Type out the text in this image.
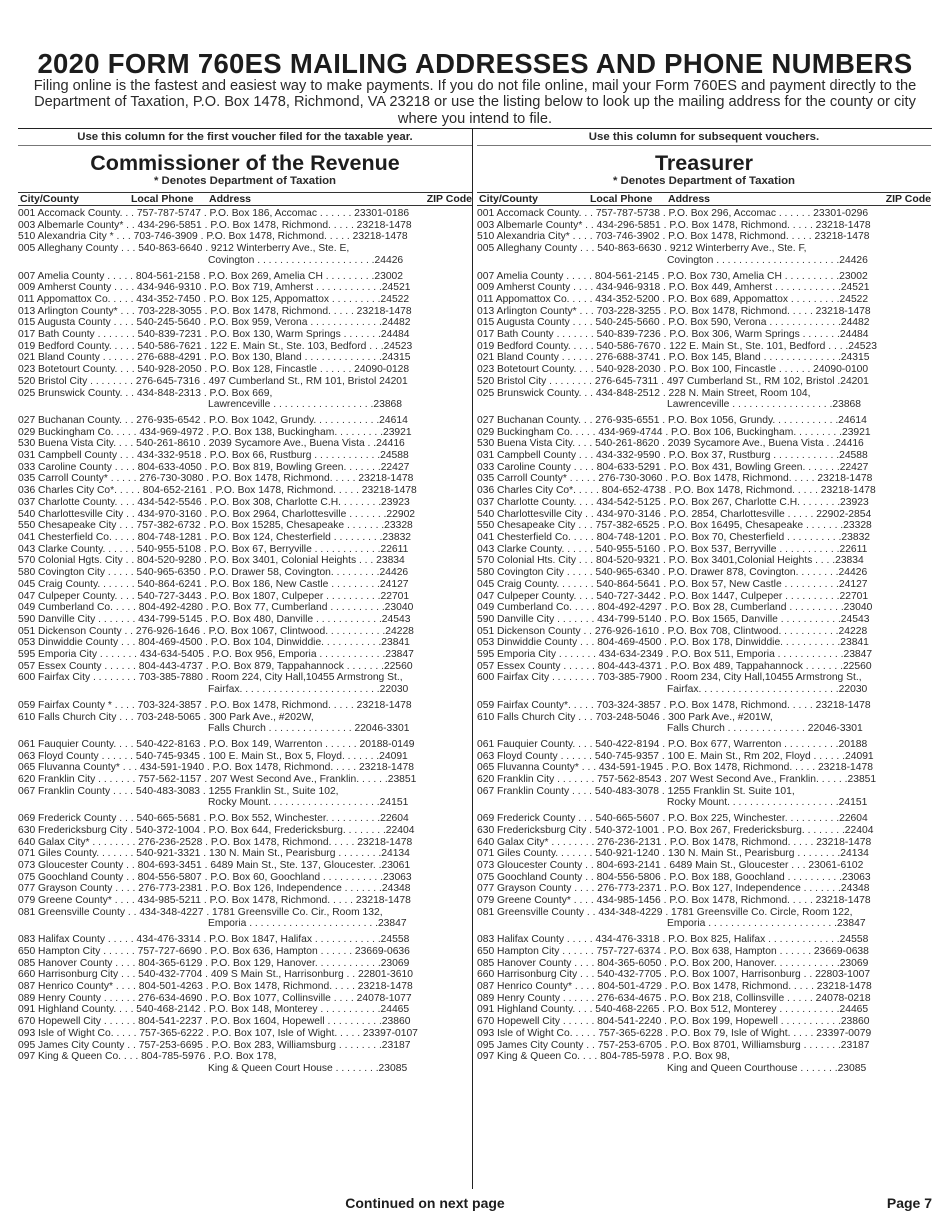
2020 FORM 760ES MAILING ADDRESSES AND PHONE NUMBERS
Filing online is the fastest and easiest way to make payments. If you do not file online, mail your Form 760ES and payment directly to the Department of Taxation, P.O. Box 1478, Richmond, VA 23218 or use the listing below to look up the mailing address for the county or city where you intend to file.
Use this column for the first voucher filed for the taxable year.
Commissioner of the Revenue
* Denotes Department of Taxation
City/County	Local Phone Address	ZIP Code
001 Accomack County. . . 757-787-5747 . P.O. Box 186, Accomac . . . . . . 23301-0186
003 Albemarle County* . . 434-296-5851 . P.O. Box 1478, Richmond. . . . . 23218-1478
510 Alexandria City * . . . 703-746-3909 . P.O. Box 1478, Richmond. . . . . 23218-1478
005 Alleghany County . . . 540-863-6640 . 9212 Winterberry Ave., Ste. E,
Covington . . . . . . . . . . . . . . . . . . . . .24426
007 Amelia County . . . . . 804-561-2158 . P.O. Box 269, Amelia CH . . . . . . . . .23002
009 Amherst County . . . . 434-946-9310 . P.O. Box 719, Amherst . . . . . . . . . . . .24521
011 Appomattox Co. . . . . 434-352-7450 . P.O. Box 125, Appomattox . . . . . . . . .24522
013 Arlington County* . . . 703-228-3055 . P.O. Box 1478, Richmond. . . . . 23218-1478
015 Augusta County . . . . 540-245-5640 . P.O. Box 959, Verona . . . . . . . . . . . . .24482
017 Bath County . . . . . . . 540-839-7231 . P.O. Box 130, Warm Springs . . . . . . .24484
019 Bedford County. . . . . 540-586-7621 . 122 E. Main St., Ste. 103, Bedford . . .24523
021 Bland County . . . . . . 276-688-4291 . P.O. Box 130, Bland . . . . . . . . . . . . . .24315
023 Botetourt County. . . . 540-928-2050 . P.O. Box 128, Fincastle . . . . . . 24090-0128
520 Bristol City . . . . . . . . 276-645-7316 . 497 Cumberland St., RM 101, Bristol 24201
025 Brunswick County. . . 434-848-2313 . P.O. Box 669,
Lawrenceville . . . . . . . . . . . . . . . . . .23868
027 Buchanan County. . . 276-935-6542 . P.O. Box 1042, Grundy. . . . . . . . . . . .24614
029 Buckingham Co. . . . . 434-969-4972 . P.O. Box 138, Buckingham. . . . . . . . .23921
530 Buena Vista City. . . . 540-261-8610 . 2039 Sycamore Ave., Buena Vista . .24416
031 Campbell County . . . 434-332-9518 . P.O. Box 66, Rustburg . . . . . . . . . . . .24588
033 Caroline County . . . . 804-633-4050 . P.O. Box 819, Bowling Green. . . . . . .22427
035 Carroll County* . . . . . 276-730-3080 . P.O. Box 1478, Richmond. . . . . 23218-1478
036 Charles City Co*. . . . . 804-652-2161 . P.O. Box 1478, Richmond. . . . . 23218-1478
037 Charlotte County. . . . 434-542-5546 . P.O. Box 308, Charlotte C.H. . . . . . . .23923
540 Charlottesville City . . 434-970-3160 . P.O. Box 2964, Charlottesville . . . . . . .22902
550 Chesapeake City . . . 757-382-6732 . P.O. Box 15285, Chesapeake . . . . . . .23328
041 Chesterfield Co. . . . . 804-748-1281 . P.O. Box 124, Chesterfield . . . . . . . . .23832
043 Clarke County. . . . . . 540-955-5108 . P.O. Box 67, Berryville . . . . . . . . . . . .22611
570 Colonial Hgts. City . . 804-520-9280 . P.O. Box 3401, Colonial Heights . . . 23834
580 Covington City . . . . . 540-965-6350 . P.O. Drawer 58, Covington. . . . . . . . .24426
045 Craig County. . . . . . . 540-864-6241 . P.O. Box 186, New Castle . . . . . . . . .24127
047 Culpeper County. . . . 540-727-3443 . P.O. Box 1807, Culpeper . . . . . . . . . .22701
049 Cumberland Co. . . . . 804-492-4280 . P.O. Box 77, Cumberland . . . . . . . . . .23040
590 Danville City . . . . . . . 434-799-5145 . P.O. Box 480, Danville . . . . . . . . . . . .24543
051 Dickenson County . . 276-926-1646 . P.O. Box 1067, Clintwood. . . . . . . . . . .24228
053 Dinwiddie County . . . 804-469-4500 . P.O. Box 104, Dinwiddie. . . . . . . . . . .23841
595 Emporia City . . . . . . . 434-634-5405 . P.O. Box 956, Emporia . . . . . . . . . . . .23847
057 Essex County . . . . . . 804-443-4737 . P.O. Box 879, Tappahannock . . . . . . .22560
600 Fairfax City . . . . . . . . 703-385-7880 . Room 224, City Hall,10455 Armstrong St.,
Fairfax. . . . . . . . . . . . . . . . . . . . . . . . .22030
059 Fairfax County * . . . . 703-324-3857 . P.O. Box 1478, Richmond. . . . . 23218-1478
610 Falls Church City . . . 703-248-5065 . 300 Park Ave., #202W,
Falls Church . . . . . . . . . . . . . . . 22046-3301
061 Fauquier County. . . . 540-422-8163 . P.O. Box 149, Warrenton . . . . . . 20188-0149
063 Floyd County . . . . . . 540-745-9345 . 100 E. Main St., Box 5, Floyd. . . . . . .24091
065 Fluvanna County* . . . 434-591-1940 . P.O. Box 1478, Richmond. . . . . 23218-1478
620 Franklin City . . . . . . . 757-562-1157 . 207 West Second Ave., Franklin. . . . . .23851
067 Franklin County . . . . 540-483-3083 . 1255 Franklin St., Suite 102,
Rocky Mount. . . . . . . . . . . . . . . . . . . .24151
069 Frederick County . . . 540-665-5681 . P.O. Box 552, Winchester. . . . . . . . . .22604
630 Fredericksburg City . 540-372-1004 . P.O. Box 644, Fredericksburg. . . . . . . .22404
640 Galax City* . . . . . . . . 276-236-2528 . P.O. Box 1478, Richmond. . . . . 23218-1478
071 Giles County. . . . . . . 540-921-3321 . 130 N. Main St., Pearisburg . . . . . . . .24134
073 Gloucester County . . 804-693-3451 . 6489 Main St., Ste. 137, Gloucester. .23061
075 Goochland County . . 804-556-5807 . P.O. Box 60, Goochland . . . . . . . . . . .23063
077 Grayson County . . . . 276-773-2381 . P.O. Box 126, Independence . . . . . . .24348
079 Greene County* . . . . 434-985-5211 . P.O. Box 1478, Richmond. . . . . 23218-1478
081 Greensville County . . 434-348-4227 . 1781 Greensville Co. Cir., Room 132,
Emporia . . . . . . . . . . . . . . . . . . . . . . .23847
083 Halifax County . . . . . 434-476-3314 . P.O. Box 1847, Halifax . . . . . . . . . . . .24558
650 Hampton City . . . . . . 757-727-6690 . P.O. Box 636, Hampton . . . . . . 23669-0636
085 Hanover County . . . . 804-365-6129 . P.O. Box 129, Hanover. . . . . . . . . . . .23069
660 Harrisonburg City . . . 540-432-7704 . 409 S Main St., Harrisonburg . . 22801-3610
087 Henrico County* . . . . 804-501-4263 . P.O. Box 1478, Richmond. . . . . 23218-1478
089 Henry County . . . . . . 276-634-4690 . P.O. Box 1077, Collinsville . . . . 24078-1077
091 Highland County. . . . 540-468-2142 . P.O. Box 148, Monterey . . . . . . . . . . .24465
670 Hopewell City . . . . . . 804-541-2237 . P.O. Box 1604, Hopewell . . . . . . . . . .23860
093 Isle of Wight Co. . . . . 757-365-6222 . P.O. Box 107, Isle of Wight. . . . . 23397-0107
095 James City County . . 757-253-6695 . P.O. Box 283, Williamsburg . . . . . . . .23187
097 King & Queen Co. . . . 804-785-5976 . P.O. Box 178,
King & Queen Court House . . . . . . . .23085
Use this column for subsequent vouchers.
Treasurer
* Denotes Department of Taxation
City/County	Local Phone Address	ZIP Code
001 Accomack County. . . 757-787-5738 . P.O. Box 296, Accomac . . . . . . 23301-0296
003 Albemarle County* . . 434-296-5851 . P.O. Box 1478, Richmond. . . . . 23218-1478
510 Alexandria City* . . . . 703-746-3902 . P.O. Box 1478, Richmond. . . . . 23218-1478
005 Alleghany County . . . 540-863-6630 . 9212 Winterberry Ave., Ste. F,
Covington . . . . . . . . . . . . . . . . . . . . . .24426
007 Amelia County . . . . . 804-561-2145 . P.O. Box 730, Amelia CH . . . . . . . . . .23002
009 Amherst County . . . . 434-946-9318 . P.O. Box 449, Amherst . . . . . . . . . . . .24521
011 Appomattox Co. . . . . 434-352-5200 . P.O. Box 689, Appomattox . . . . . . . . .24522
013 Arlington County* . . . 703-228-3255 . P.O. Box 1478, Richmond. . . . . 23218-1478
015 Augusta County . . . . 540-245-5660 . P.O. Box 590, Verona . . . . . . . . . . . . .24482
017 Bath County . . . . . . . 540-839-7236 . P.O. Box 306, Warm Springs . . . . . . .24484
019 Bedford County. . . . . 540-586-7670 . 122 E. Main St., Ste. 101, Bedford . . . .24523
021 Bland County . . . . . . 276-688-3741 . P.O. Box 145, Bland . . . . . . . . . . . . . .24315
023 Botetourt County. . . . 540-928-2030 . P.O. Box 100, Fincastle . . . . . . 24090-0100
520 Bristol City . . . . . . . . 276-645-7311 . 497 Cumberland St., RM 102, Bristol .24201
025 Brunswick County. . . 434-848-2512 . 228 N. Main Street, Room 104,
Lawrenceville . . . . . . . . . . . . . . . . . .23868
027 Buchanan County. . . 276-935-6551 . P.O. Box 1056, Grundy. . . . . . . . . . . .24614
029 Buckingham Co. . . . . 434-969-4744 . P.O. Box 106, Buckingham. . . . . . . . .23921
530 Buena Vista City. . . . 540-261-8620 . 2039 Sycamore Ave., Buena Vista . .24416
031 Campbell County . . . 434-332-9590 . P.O. Box 37, Rustburg . . . . . . . . . . . .24588
033 Caroline County . . . . 804-633-5291 . P.O. Box 431, Bowling Green. . . . . . .22427
035 Carroll County* . . . . . 276-730-3060 . P.O. Box 1478, Richmond. . . . . 23218-1478
036 Charles City Co*. . . . . 804-652-4738 . P.O. Box 1478, Richmond. . . . . 23218-1478
037 Charlotte County. . . . 434-542-5125 . P.O. Box 267, Charlotte C.H. . . . . . . .23923
540 Charlottesville City . . 434-970-3146 . P.O. 2854, Charlottesville . . . . . 22902-2854
550 Chesapeake City . . . 757-382-6525 . P.O. Box 16495, Chesapeake . . . . . . .23328
041 Chesterfield Co. . . . . 804-748-1201 . P.O. Box 70, Chesterfield . . . . . . . . . .23832
043 Clarke County. . . . . . 540-955-5160 . P.O. Box 537, Berryville . . . . . . . . . . .22611
570 Colonial Hts. City . . . 804-520-9321 . P.O. Box 3401,Colonial Heights . . . .23834
580 Covington City . . . . . 540-965-6340 . P.O. Drawer 878, Covington. . . . . . . .24426
045 Craig County. . . . . . . 540-864-5641 . P.O. Box 57, New Castle . . . . . . . . . .24127
047 Culpeper County. . . . 540-727-3442 . P.O. Box 1447, Culpeper . . . . . . . . . .22701
049 Cumberland Co. . . . . 804-492-4297 . P.O. Box 28, Cumberland . . . . . . . . . .23040
590 Danville City . . . . . . . 434-799-5140 . P.O. Box 1565, Danville . . . . . . . . . . .24543
051 Dickenson County . . 276-926-1610 . P.O. Box 708, Clintwood. . . . . . . . . . .24228
053 Dinwiddie County . . . 804-469-4500 . P.O. Box 178, Dinwiddie. . . . . . . . . . .23841
595 Emporia City . . . . . . . 434-634-2349 . P.O. Box 511, Emporia . . . . . . . . . . . .23847
057 Essex County . . . . . . 804-443-4371 . P.O. Box 489, Tappahannock . . . . . . .22560
600 Fairfax City . . . . . . . . 703-385-7900 . Room 234, City Hall,10455 Armstrong St.,
Fairfax. . . . . . . . . . . . . . . . . . . . . . . . .22030
059 Fairfax County*. . . . . 703-324-3857 . P.O. Box 1478, Richmond. . . . . 23218-1478
610 Falls Church City . . . 703-248-5046 . 300 Park Ave., #201W,
Falls Church . . . . . . . . . . . . . . 22046-3301
061 Fauquier County. . . . 540-422-8194 . P.O. Box 677, Warrenton . . . . . . . . . .20188
063 Floyd County . . . . . . 540-745-9357 . 100 E. Main St., Rm 202, Floyd . . . . . .24091
065 Fluvanna County* . . . 434-591-1945 . P.O. Box 1478, Richmond. . . . . 23218-1478
620 Franklin City . . . . . . . 757-562-8543 . 207 West Second Ave., Franklin. . . . . .23851
067 Franklin County . . . . 540-483-3078 . 1255 Franklin St. Suite 101,
Rocky Mount. . . . . . . . . . . . . . . . . . . .24151
069 Frederick County . . . 540-665-5607 . P.O. Box 225, Winchester. . . . . . . . . .22604
630 Fredericksburg City . 540-372-1001 . P.O. Box 267, Fredericksburg. . . . . . . .22404
640 Galax City* . . . . . . . . 276-236-2131 . P.O. Box 1478, Richmond. . . . . 23218-1478
071 Giles County. . . . . . . 540-921-1240 . 130 N. Main St., Pearisburg . . . . . . . .24134
073 Gloucester County . . 804-693-2141 . 6489 Main St., Gloucester . . . 23061-6102
075 Goochland County . . 804-556-5806 . P.O. Box 188, Goochland . . . . . . . . . .23063
077 Grayson County . . . . 276-773-2371 . P.O. Box 127, Independence . . . . . . .24348
079 Greene County* . . . . 434-985-1456 . P.O. Box 1478, Richmond. . . . . 23218-1478
081 Greensville County . . 434-348-4229 . 1781 Greensville Co. Circle, Room 122,
Emporia . . . . . . . . . . . . . . . . . . . . . . .23847
083 Halifax County . . . . . 434-476-3318 . P.O. Box 825, Halifax . . . . . . . . . . . . .24558
650 Hampton City . . . . . . 757-727-6374 . P.O. Box 638, Hampton . . . . . . 23669-0638
085 Hanover County . . . . 804-365-6050 . P.O. Box 200, Hanover. . . . . . . . . . . .23069
660 Harrisonburg City . . . 540-432-7705 . P.O. Box 1007, Harrisonburg . . 22803-1007
087 Henrico County* . . . . 804-501-4729 . P.O. Box 1478, Richmond. . . . . 23218-1478
089 Henry County . . . . . . 276-634-4675 . P.O. Box 218, Collinsville . . . . . 24078-0218
091 Highland County. . . . 540-468-2265 . P.O. Box 512, Monterey . . . . . . . . . . .24465
670 Hopewell City . . . . . . 804-541-2240 . P.O. Box 199, Hopewell . . . . . . . . . . .23860
093 Isle of Wight Co. . . . . 757-365-6228 . P.O. Box 79, Isle of Wight. . . . . 23397-0079
095 James City County . . 757-253-6705 . P.O. Box 8701, Williamsburg . . . . . . .23187
097 King & Queen Co. . . . 804-785-5978 . P.O. Box 98,
King and Queen Courthouse . . . . . . .23085
Continued on next page	Page 7
